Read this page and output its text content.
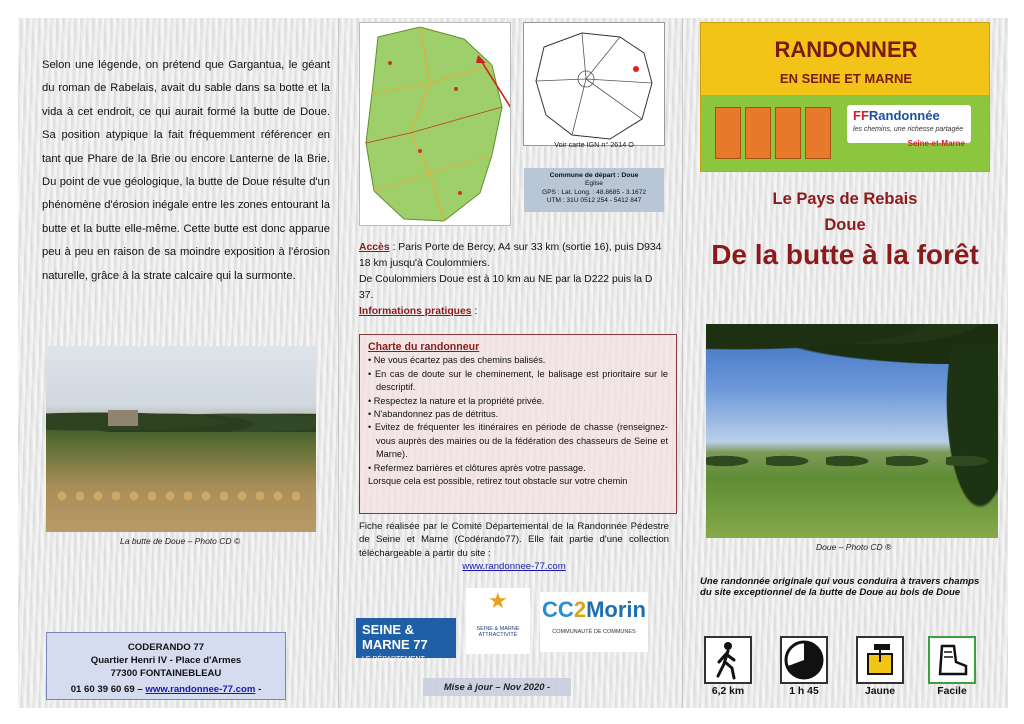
Selon une légende, on prétend que Gargantua, le géant du roman de Rabelais, avait du sable dans sa botte et la vida à cet endroit, ce qui aurait formé la butte de Doue. Sa position atypique la fait fréquemment référencer en tant que Phare de la Brie ou encore Lanterne de la Brie. Du point de vue géologique, la butte de Doue résulte d'un phénomène d'érosion inégale entre les zones entourant la butte et la butte elle-même. Cette butte est donc apparue peu à peu en raison de sa moindre exposition à l'érosion naturelle, grâce à la strate calcaire qui la surmonte.

La butte de Doue – Photo CD ©
CODERANDO 77
Quartier Henri IV - Place d'Armes
77300 FONTAINEBLEAU
01 60 39 60 69 – www.randonnee-77.com -
Voir carte IGN n° 2614 O
Commune de départ : Doue
Eglise
GPS : Lat. Long. : 48.8685 - 3.1672
UTM : 31U 0512 254 - 5412 847
Accès : Paris Porte de Bercy, A4 sur 33 km (sortie 16), puis D934 18 km jusqu'à Coulommiers.
De Coulommiers Doue est à 10 km au NE par la D222 puis la D 37.
Informations pratiques :
Charte du randonneur
• Ne vous écartez pas des chemins balisés.
• En cas de doute sur le cheminement, le balisage est prioritaire sur le descriptif.
• Respectez la nature et la propriété privée.
• N'abandonnez pas de détritus.
• Evitez de fréquenter les itinéraires en période de chasse (renseignez-vous auprès des mairies ou de la fédération des chasseurs de Seine et Marne).
• Refermez barrières et clôtures après votre passage.
Lorsque cela est possible, retirez tout obstacle sur votre chemin
Fiche réalisée par le Comité Départemental de la Randonnée Pédestre de Seine et Marne (Codérando77). Elle fait partie d'une collection téléchargeable à partir du site :
www.randonnee-77.com
SEINE & MARNE 77
LE DÉPARTEMENT
★
SEINE & MARNE ATTRACTIVITÉ
CC2Morin
COMMUNAUTÉ DE COMMUNES
Mise à jour – Nov 2020 -
RANDONNER
EN SEINE ET MARNE
FFRandonnée
les chemins, une richesse partagée
Seine-et-Marne
Le Pays de Rebais
Doue
De la butte à la forêt
Doue – Photo CD ®
Une randonnée originale qui vous conduira à travers champs du site exceptionnel de la butte de Doue au bois de Doue
6,2 km	1 h 45	Jaune	Facile
